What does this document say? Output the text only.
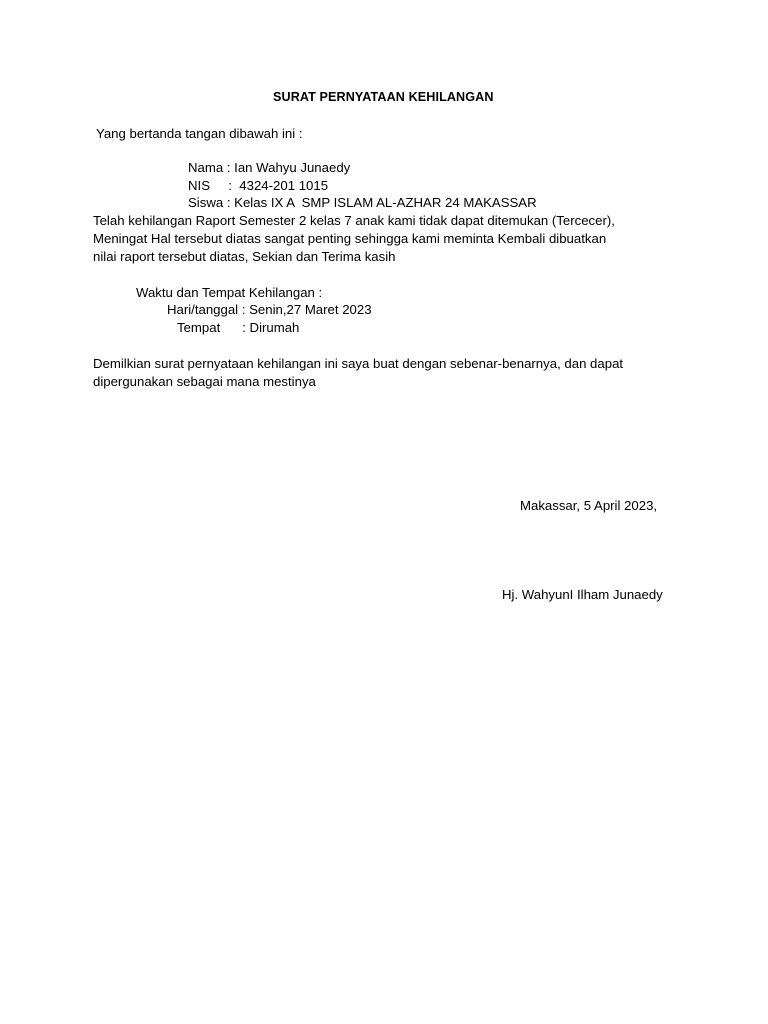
SURAT PERNYATAAN KEHILANGAN
Yang bertanda tangan dibawah ini :
Nama : Ian Wahyu Junaedy
NIS     :  4324-201 1015
Siswa : Kelas IX A  SMP ISLAM AL-AZHAR 24 MAKASSAR
Telah kehilangan Raport Semester 2 kelas 7 anak kami tidak dapat ditemukan (Tercecer),
Meningat Hal tersebut diatas sangat penting sehingga kami meminta Kembali dibuatkan
nilai raport tersebut diatas, Sekian dan Terima kasih
Waktu dan Tempat Kehilangan :
Hari/tanggal : Senin,27 Maret 2023
Tempat      : Dirumah
Demilkian surat pernyataan kehilangan ini saya buat dengan sebenar-benarnya, dan dapat
dipergunakan sebagai mana mestinya
Makassar, 5 April 2023,
Hj. WahyunI Ilham Junaedy
